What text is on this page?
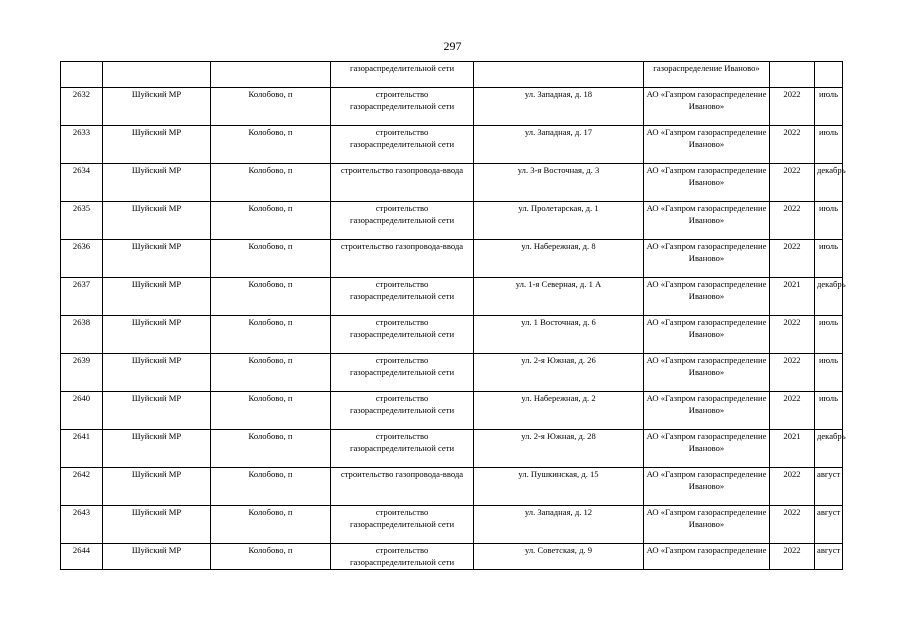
297
			газораспределительной сети		газораспределение Иваново»		
2632	Шуйский МР	Колобово, п	строительство газораспределительной сети	ул. Западная, д. 18	АО «Газпром газораспределение Иваново»	2022	июль
2633	Шуйский МР	Колобово, п	строительство газораспределительной сети	ул. Западная, д. 17	АО «Газпром газораспределение Иваново»	2022	июль
2634	Шуйский МР	Колобово, п	строительство газопровода-ввода	ул. 3-я Восточная, д. 3	АО «Газпром газораспределение Иваново»	2022	декабрь
2635	Шуйский МР	Колобово, п	строительство газораспределительной сети	ул. Пролетарская, д. 1	АО «Газпром газораспределение Иваново»	2022	июль
2636	Шуйский МР	Колобово, п	строительство газопровода-ввода	ул. Набережная, д. 8	АО «Газпром газораспределение Иваново»	2022	июль
2637	Шуйский МР	Колобово, п	строительство газораспределительной сети	ул. 1-я Северная, д. 1 А	АО «Газпром газораспределение Иваново»	2021	декабрь
2638	Шуйский МР	Колобово, п	строительство газораспределительной сети	ул. 1 Восточная, д. 6	АО «Газпром газораспределение Иваново»	2022	июль
2639	Шуйский МР	Колобово, п	строительство газораспределительной сети	ул. 2-я Южная, д. 26	АО «Газпром газораспределение Иваново»	2022	июль
2640	Шуйский МР	Колобово, п	строительство газораспределительной сети	ул. Набережная, д. 2	АО «Газпром газораспределение Иваново»	2022	июль
2641	Шуйский МР	Колобово, п	строительство газораспределительной сети	ул. 2-я Южная, д. 28	АО «Газпром газораспределение Иваново»	2021	декабрь
2642	Шуйский МР	Колобово, п	строительство газопровода-ввода	ул. Пушкинская, д. 15	АО «Газпром газораспределение Иваново»	2022	август
2643	Шуйский МР	Колобово, п	строительство газораспределительной сети	ул. Западная, д. 12	АО «Газпром газораспределение Иваново»	2022	август
2644	Шуйский МР	Колобово, п	строительство газораспределительной сети	ул. Советская, д. 9	АО «Газпром газораспределение	2022	август
